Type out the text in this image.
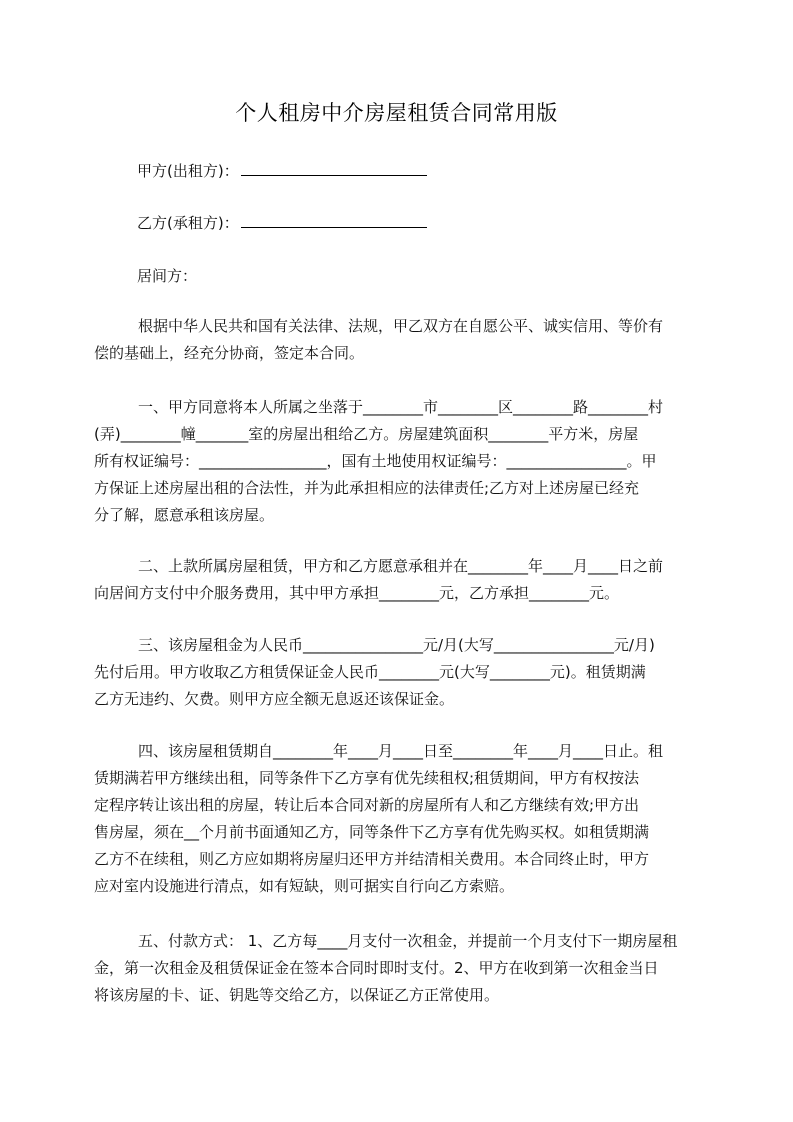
个人租房中介房屋租赁合同常用版
甲方(出租方)：
乙方(承租方)：
居间方：
根据中华人民共和国有关法律、法规，甲乙双方在自愿公平、诚实信用、等价有
偿的基础上，经充分协商，签定本合同。
一、甲方同意将本人所属之坐落于________市________区________路________村
(弄)________幢_______室的房屋出租给乙方。房屋建筑面积________平方米，房屋
所有权证编号：_________________，国有土地使用权证编号：________________。甲
方保证上述房屋出租的合法性，并为此承担相应的法律责任;乙方对上述房屋已经充
分了解，愿意承租该房屋。
二、上款所属房屋租赁，甲方和乙方愿意承租并在________年____月____日之前
向居间方支付中介服务费用，其中甲方承担________元，乙方承担________元。
三、该房屋租金为人民币________________元/月(大写________________元/月)
先付后用。甲方收取乙方租赁保证金人民币________元(大写________元)。租赁期满
乙方无违约、欠费。则甲方应全额无息返还该保证金。
四、该房屋租赁期自________年____月____日至________年____月____日止。租
赁期满若甲方继续出租，同等条件下乙方享有优先续租权;租赁期间，甲方有权按法
定程序转让该出租的房屋，转让后本合同对新的房屋所有人和乙方继续有效;甲方出
售房屋，须在__个月前书面通知乙方，同等条件下乙方享有优先购买权。如租赁期满
乙方不在续租，则乙方应如期将房屋归还甲方并结清相关费用。本合同终止时，甲方
应对室内设施进行清点，如有短缺，则可据实自行向乙方索赔。
五、付款方式： 1、乙方每____月支付一次租金，并提前一个月支付下一期房屋租
金，第一次租金及租赁保证金在签本合同时即时支付。2、甲方在收到第一次租金当日
将该房屋的卡、证、钥匙等交给乙方，以保证乙方正常使用。
